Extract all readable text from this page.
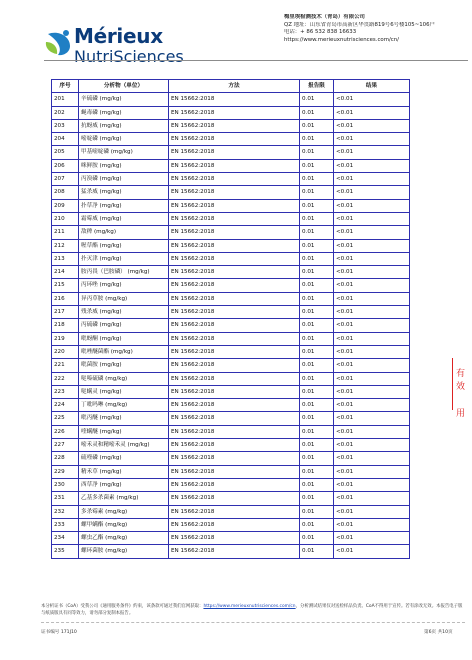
Mérieux
NutriSciences
梅里埃检测技术（青岛）有限公司
QZ 地址：山东省青岛市高新区华贯路819号6号楼105~106户
电话：+ 86 532 838 16633
https://www.merieuxnutrisciences.com/cn/
序号	分析物（单位）	方法	报告限	结果
201	辛硫磷 (mg/kg)	EN 15662:2018	0.01	<0.01
202	蝇毒磷 (mg/kg)	EN 15662:2018	0.01	<0.01
203	抗蚜威 (mg/kg)	EN 15662:2018	0.01	<0.01
204	嘧啶磷 (mg/kg)	EN 15662:2018	0.01	<0.01
205	甲基嘧啶磷 (mg/kg)	EN 15662:2018	0.01	<0.01
206	咪鲜胺 (mg/kg)	EN 15662:2018	0.01	<0.01
207	丙溴磷 (mg/kg)	EN 15662:2018	0.01	<0.01
208	猛杀威 (mg/kg)	EN 15662:2018	0.01	<0.01
209	扑草净 (mg/kg)	EN 15662:2018	0.01	<0.01
210	霜霉威 (mg/kg)	EN 15662:2018	0.01	<0.01
211	敌稗 (mg/kg)	EN 15662:2018	0.01	<0.01
212	喔草酯 (mg/kg)	EN 15662:2018	0.01	<0.01
213	扑灭津 (mg/kg)	EN 15662:2018	0.01	<0.01
214	胺丙畏（巴胺磷） (mg/kg)	EN 15662:2018	0.01	<0.01
215	丙环唑 (mg/kg)	EN 15662:2018	0.01	<0.01
216	异丙草胺 (mg/kg)	EN 15662:2018	0.01	<0.01
217	残杀威 (mg/kg)	EN 15662:2018	0.01	<0.01
218	丙硫磷 (mg/kg)	EN 15662:2018	0.01	<0.01
219	吡蚜酮 (mg/kg)	EN 15662:2018	0.01	<0.01
220	吡唑醚菌酯 (mg/kg)	EN 15662:2018	0.01	<0.01
221	吡菌胺 (mg/kg)	EN 15662:2018	0.01	<0.01
222	哒嗪硫磷 (mg/kg)	EN 15662:2018	0.01	<0.01
223	哒螨灵 (mg/kg)	EN 15662:2018	0.01	<0.01
224	丁吡吗啉 (mg/kg)	EN 15662:2018	0.01	<0.01
225	吡丙醚 (mg/kg)	EN 15662:2018	0.01	<0.01
226	喹螨醚 (mg/kg)	EN 15662:2018	0.01	<0.01
227	嘧禾灵和精嘧禾灵 (mg/kg)	EN 15662:2018	0.01	<0.01
228	硫喹磷 (mg/kg)	EN 15662:2018	0.01	<0.01
229	精禾草 (mg/kg)	EN 15662:2018	0.01	<0.01
230	西草净 (mg/kg)	EN 15662:2018	0.01	<0.01
231	乙基多杀菌素 (mg/kg)	EN 15662:2018	0.01	<0.01
232	多杀霉素 (mg/kg)	EN 15662:2018	0.01	<0.01
233	螺甲螨酯 (mg/kg)	EN 15662:2018	0.01	<0.01
234	螺虫乙酯 (mg/kg)	EN 15662:2018	0.01	<0.01
235	螺环菌胺 (mg/kg)	EN 15662:2018	0.01	<0.01
有效
用
本分析证书（CoA）受我公司《通用服务条件》约束，该条款可通过我们官网获取：https://www.merieuxnutrisciences.com/cn，分析测试结果仅对送检样品负责。CoA不得用于宣传。若有涂改无效。本报告电子版与纸质版具有同等效力，请勿部分复制本报告。
证书编号 171J10	第6页 共10页
